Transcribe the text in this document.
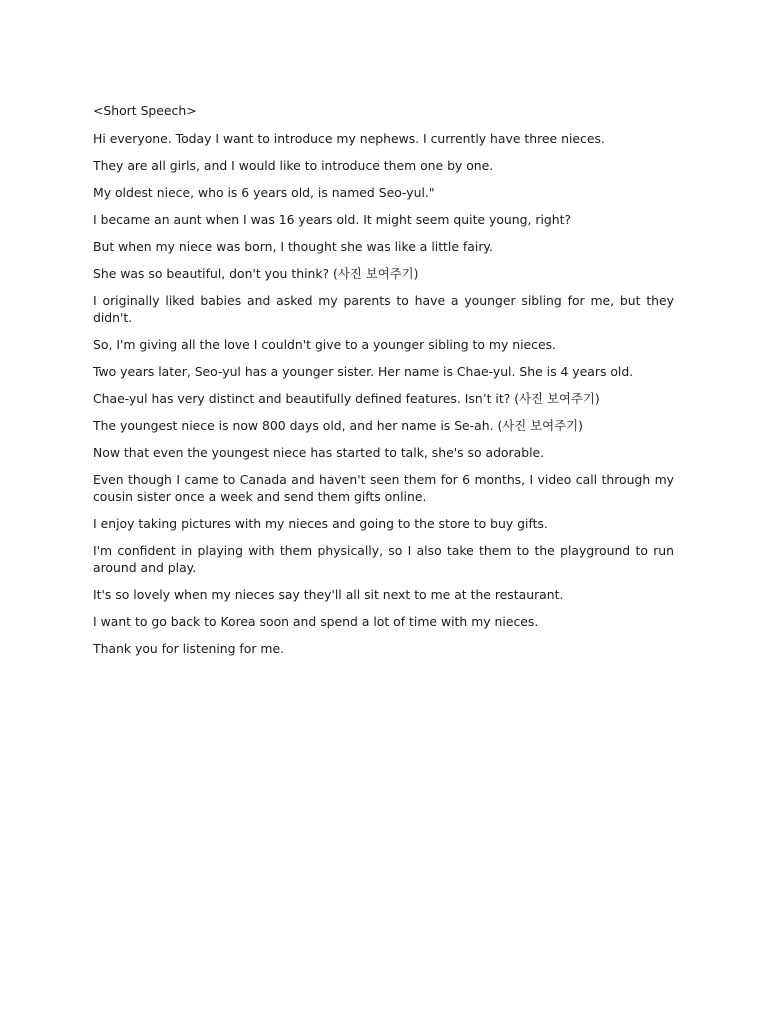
<Short Speech>

Hi everyone. Today I want to introduce my nephews. I currently have three nieces.

They are all girls, and I would like to introduce them one by one.

My oldest niece, who is 6 years old, is named Seo-yul."

I became an aunt when I was 16 years old. It might seem quite young, right?

But when my niece was born, I thought she was like a little fairy.

She was so beautiful, don't you think? (사진 보여주기)

I originally liked babies and asked my parents to have a younger sibling for me, but they didn't.

So, I'm giving all the love I couldn't give to a younger sibling to my nieces.

Two years later, Seo-yul has a younger sister. Her name is Chae-yul. She is 4 years old.

Chae-yul has very distinct and beautifully defined features. Isn’t it? (사진 보여주기)

The youngest niece is now 800 days old, and her name is Se-ah. (사진 보여주기)

Now that even the youngest niece has started to talk, she's so adorable.

Even though I came to Canada and haven't seen them for 6 months, I video call through my cousin sister once a week and send them gifts online.

I enjoy taking pictures with my nieces and going to the store to buy gifts.

I'm confident in playing with them physically, so I also take them to the playground to run around and play.

It's so lovely when my nieces say they'll all sit next to me at the restaurant.

I want to go back to Korea soon and spend a lot of time with my nieces.

Thank you for listening for me.
